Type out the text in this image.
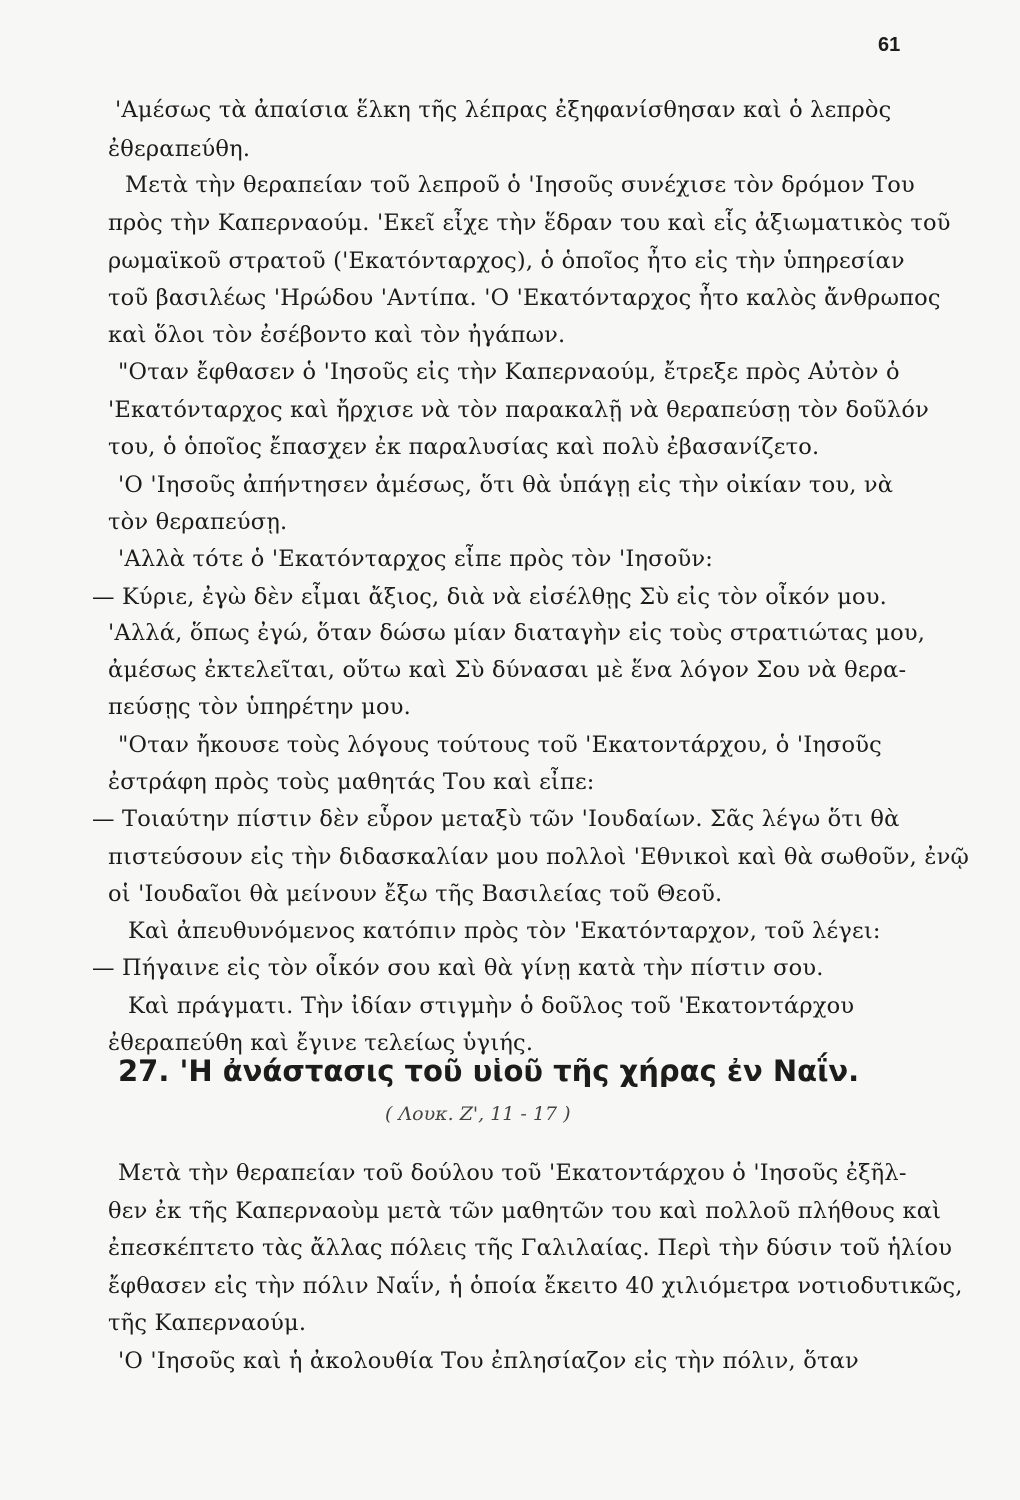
61
'Αμέσως τὰ ἀπαίσια ἕλκη τῆς λέπρας ἐξηφανίσθησαν καὶ ὁ λεπρὸς
ἐθεραπεύθη.
Μετὰ τὴν θεραπείαν τοῦ λεπροῦ ὁ 'Ιησοῦς συνέχισε τὸν δρόμον Του
πρὸς τὴν Καπερναούμ. 'Εκεῖ εἶχε τὴν ἕδραν του καὶ εἷς ἀξιωματικὸς τοῦ
ρωμαϊκοῦ στρατοῦ ('Εκατόνταρχος), ὁ ὁποῖος ἦτο εἰς τὴν ὑπηρεσίαν
τοῦ βασιλέως 'Ηρώδου 'Αντίπα. 'Ο 'Εκατόνταρχος ἦτο καλὸς ἄνθρωπος
καὶ ὅλοι τὸν ἐσέβοντο καὶ τὸν ἠγάπων.
"Οταν ἔφθασεν ὁ 'Ιησοῦς εἰς τὴν Καπερναούμ, ἔτρεξε πρὸς Αὐτὸν ὁ
'Εκατόνταρχος καὶ ἤρχισε νὰ τὸν παρακαλῇ νὰ θεραπεύσῃ τὸν δοῦλόν
του, ὁ ὁποῖος ἔπασχεν ἐκ παραλυσίας καὶ πολὺ ἐβασανίζετο.
'Ο 'Ιησοῦς ἀπήντησεν ἀμέσως, ὅτι θὰ ὑπάγῃ εἰς τὴν οἰκίαν του, νὰ
τὸν θεραπεύσῃ.
'Αλλὰ τότε ὁ 'Εκατόνταρχος εἶπε πρὸς τὸν 'Ιησοῦν:
— Κύριε, ἐγὼ δὲν εἶμαι ἄξιος, διὰ νὰ εἰσέλθῃς Σὺ εἰς τὸν οἶκόν μου.
'Αλλά, ὅπως ἐγώ, ὅταν δώσω μίαν διαταγὴν εἰς τοὺς στρατιώτας μου,
ἀμέσως ἐκτελεῖται, οὕτω καὶ Σὺ δύνασαι μὲ ἕνα λόγον Σου νὰ θερα-
πεύσῃς τὸν ὑπηρέτην μου.
"Οταν ἤκουσε τοὺς λόγους τούτους τοῦ 'Εκατοντάρχου, ὁ 'Ιησοῦς
ἐστράφη πρὸς τοὺς μαθητάς Του καὶ εἶπε:
— Τοιαύτην πίστιν δὲν εὗρον μεταξὺ τῶν 'Ιουδαίων. Σᾶς λέγω ὅτι θὰ
πιστεύσουν εἰς τὴν διδασκαλίαν μου πολλοὶ 'Εθνικοὶ καὶ θὰ σωθοῦν, ἐνῷ
οἱ 'Ιουδαῖοι θὰ μείνουν ἔξω τῆς Βασιλείας τοῦ Θεοῦ.
Καὶ ἀπευθυνόμενος κατόπιν πρὸς τὸν 'Εκατόνταρχον, τοῦ λέγει:
— Πήγαινε εἰς τὸν οἶκόν σου καὶ θὰ γίνῃ κατὰ τὴν πίστιν σου.
Καὶ πράγματι. Τὴν ἰδίαν στιγμὴν ὁ δοῦλος τοῦ 'Εκατοντάρχου
ἐθεραπεύθη καὶ ἔγινε τελείως ὑγιής.
27. 'Η ἀνάστασις τοῦ υἱοῦ τῆς χήρας ἐν Ναΐν.
( Λουκ. Ζ', 11 - 17 )
Μετὰ τὴν θεραπείαν τοῦ δούλου τοῦ 'Εκατοντάρχου ὁ 'Ιησοῦς ἐξῆλ-
θεν ἐκ τῆς Καπερναοὺμ μετὰ τῶν μαθητῶν του καὶ πολλοῦ πλήθους καὶ
ἐπεσκέπτετο τὰς ἄλλας πόλεις τῆς Γαλιλαίας. Περὶ τὴν δύσιν τοῦ ἡλίου
ἔφθασεν εἰς τὴν πόλιν Ναΐν, ἡ ὁποία ἔκειτο 40 χιλιόμετρα νοτιοδυτικῶς,
τῆς Καπερναούμ.
'Ο 'Ιησοῦς καὶ ἡ ἀκολουθία Του ἐπλησίαζον εἰς τὴν πόλιν, ὅταν
